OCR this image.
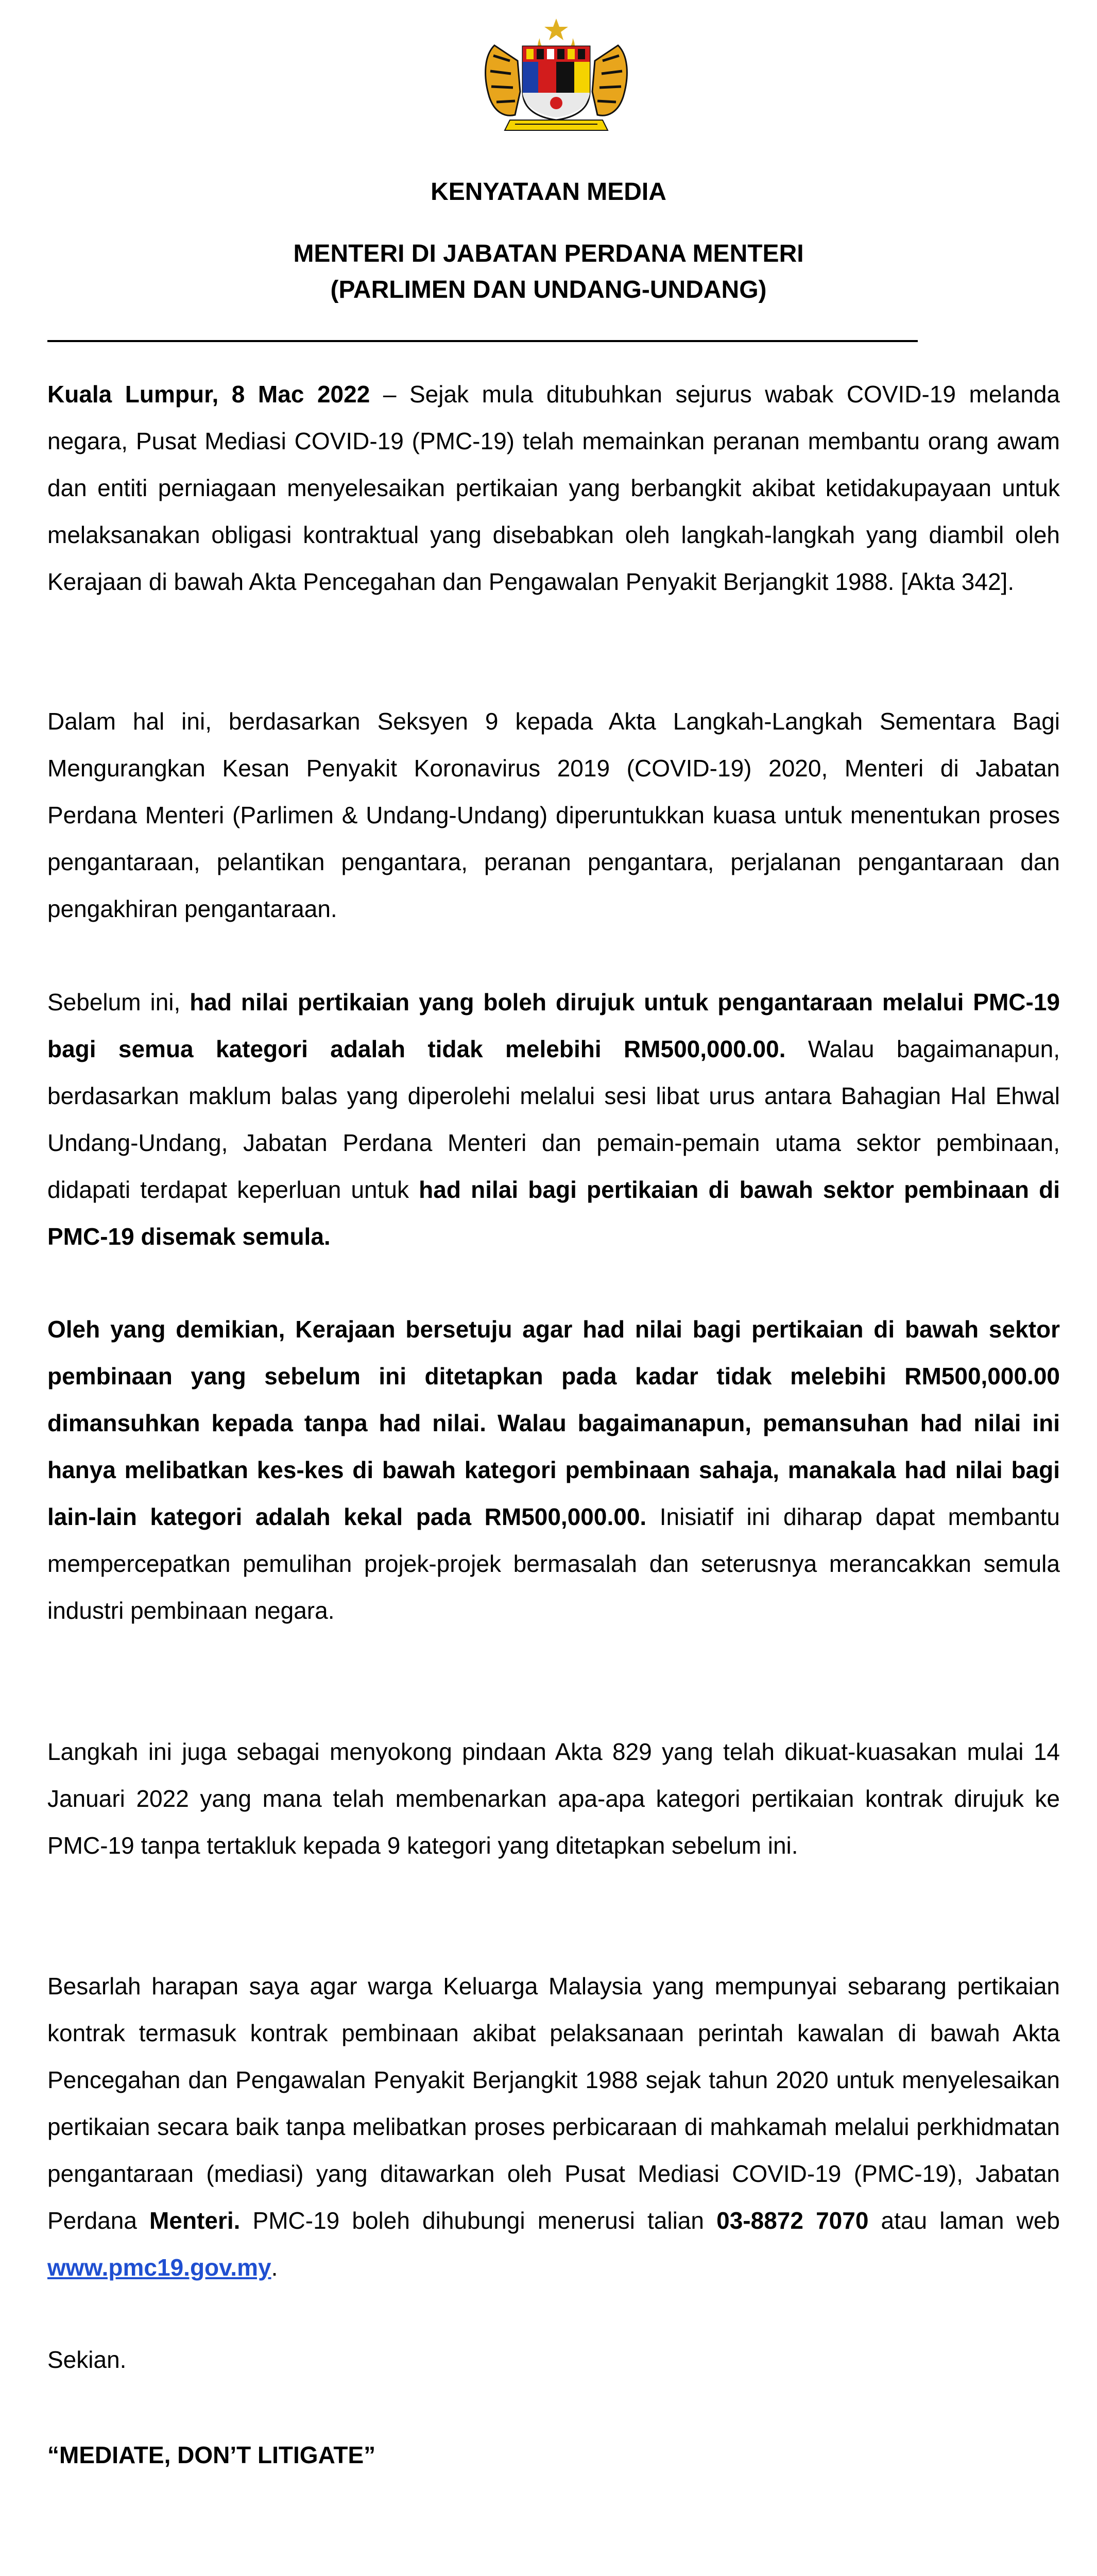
KENYATAAN MEDIA
MENTERI DI JABATAN PERDANA MENTERI
(PARLIMEN DAN UNDANG-UNDANG)
Kuala Lumpur, 8 Mac 2022 – Sejak mula ditubuhkan sejurus wabak COVID-19 melanda negara, Pusat Mediasi COVID-19 (PMC-19) telah memainkan peranan membantu orang awam dan entiti perniagaan menyelesaikan pertikaian yang berbangkit akibat ketidakupayaan untuk melaksanakan obligasi kontraktual yang disebabkan oleh langkah-langkah yang diambil oleh Kerajaan di bawah Akta Pencegahan dan Pengawalan Penyakit Berjangkit 1988. [Akta 342].
Dalam hal ini, berdasarkan Seksyen 9 kepada Akta Langkah-Langkah Sementara Bagi Mengurangkan Kesan Penyakit Koronavirus 2019 (COVID-19) 2020, Menteri di Jabatan Perdana Menteri (Parlimen & Undang-Undang) diperuntukkan kuasa untuk menentukan proses pengantaraan, pelantikan pengantara, peranan pengantara, perjalanan pengantaraan dan pengakhiran pengantaraan.
Sebelum ini, had nilai pertikaian yang boleh dirujuk untuk pengantaraan melalui PMC-19 bagi semua kategori adalah tidak melebihi RM500,000.00. Walau bagaimanapun, berdasarkan maklum balas yang diperolehi melalui sesi libat urus antara Bahagian Hal Ehwal Undang-Undang, Jabatan Perdana Menteri dan pemain-pemain utama sektor pembinaan, didapati terdapat keperluan untuk had nilai bagi pertikaian di bawah sektor pembinaan di PMC-19 disemak semula.
Oleh yang demikian, Kerajaan bersetuju agar had nilai bagi pertikaian di bawah sektor pembinaan yang sebelum ini ditetapkan pada kadar tidak melebihi RM500,000.00 dimansuhkan kepada tanpa had nilai. Walau bagaimanapun, pemansuhan had nilai ini hanya melibatkan kes-kes di bawah kategori pembinaan sahaja, manakala had nilai bagi lain-lain kategori adalah kekal pada RM500,000.00. Inisiatif ini diharap dapat membantu mempercepatkan pemulihan projek-projek bermasalah dan seterusnya merancakkan semula industri pembinaan negara.
Langkah ini juga sebagai menyokong pindaan Akta 829 yang telah dikuat-kuasakan mulai 14 Januari 2022 yang mana telah membenarkan apa-apa kategori pertikaian kontrak dirujuk ke PMC-19 tanpa tertakluk kepada 9 kategori yang ditetapkan sebelum ini.
Besarlah harapan saya agar warga Keluarga Malaysia yang mempunyai sebarang pertikaian kontrak termasuk kontrak pembinaan akibat pelaksanaan perintah kawalan di bawah Akta Pencegahan dan Pengawalan Penyakit Berjangkit 1988 sejak tahun 2020 untuk menyelesaikan pertikaian secara baik tanpa melibatkan proses perbicaraan di mahkamah melalui perkhidmatan pengantaraan (mediasi) yang ditawarkan oleh Pusat Mediasi COVID-19 (PMC-19), Jabatan Perdana Menteri. PMC-19 boleh dihubungi menerusi talian 03-8872 7070 atau laman web www.pmc19.gov.my.
Sekian.
“MEDIATE, DON’T LITIGATE”
